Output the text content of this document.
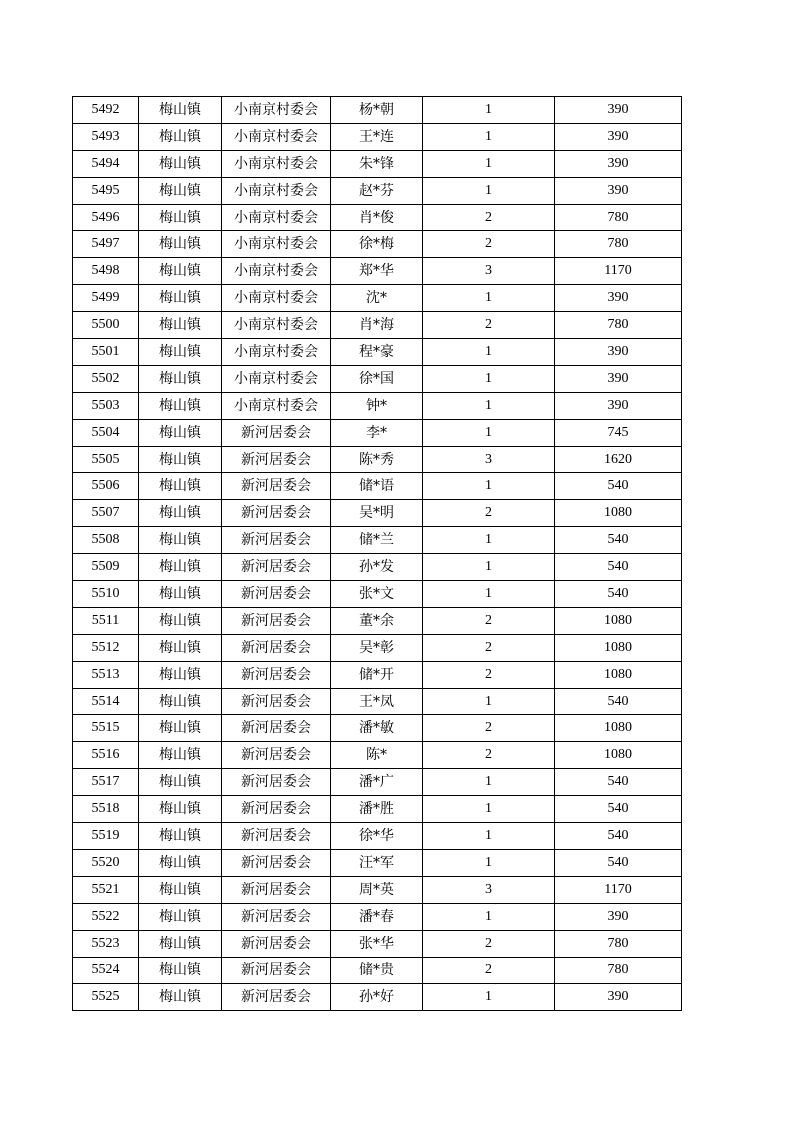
5492	梅山镇	小南京村委会	杨*朝	1	390
5493	梅山镇	小南京村委会	王*连	1	390
5494	梅山镇	小南京村委会	朱*锋	1	390
5495	梅山镇	小南京村委会	赵*芬	1	390
5496	梅山镇	小南京村委会	肖*俊	2	780
5497	梅山镇	小南京村委会	徐*梅	2	780
5498	梅山镇	小南京村委会	郑*华	3	1170
5499	梅山镇	小南京村委会	沈*	1	390
5500	梅山镇	小南京村委会	肖*海	2	780
5501	梅山镇	小南京村委会	程*豪	1	390
5502	梅山镇	小南京村委会	徐*国	1	390
5503	梅山镇	小南京村委会	钟*	1	390
5504	梅山镇	新河居委会	李*	1	745
5505	梅山镇	新河居委会	陈*秀	3	1620
5506	梅山镇	新河居委会	储*语	1	540
5507	梅山镇	新河居委会	吴*明	2	1080
5508	梅山镇	新河居委会	储*兰	1	540
5509	梅山镇	新河居委会	孙*发	1	540
5510	梅山镇	新河居委会	张*文	1	540
5511	梅山镇	新河居委会	董*余	2	1080
5512	梅山镇	新河居委会	吴*彰	2	1080
5513	梅山镇	新河居委会	储*开	2	1080
5514	梅山镇	新河居委会	王*凤	1	540
5515	梅山镇	新河居委会	潘*敏	2	1080
5516	梅山镇	新河居委会	陈*	2	1080
5517	梅山镇	新河居委会	潘*广	1	540
5518	梅山镇	新河居委会	潘*胜	1	540
5519	梅山镇	新河居委会	徐*华	1	540
5520	梅山镇	新河居委会	汪*军	1	540
5521	梅山镇	新河居委会	周*英	3	1170
5522	梅山镇	新河居委会	潘*春	1	390
5523	梅山镇	新河居委会	张*华	2	780
5524	梅山镇	新河居委会	储*贵	2	780
5525	梅山镇	新河居委会	孙*好	1	390
